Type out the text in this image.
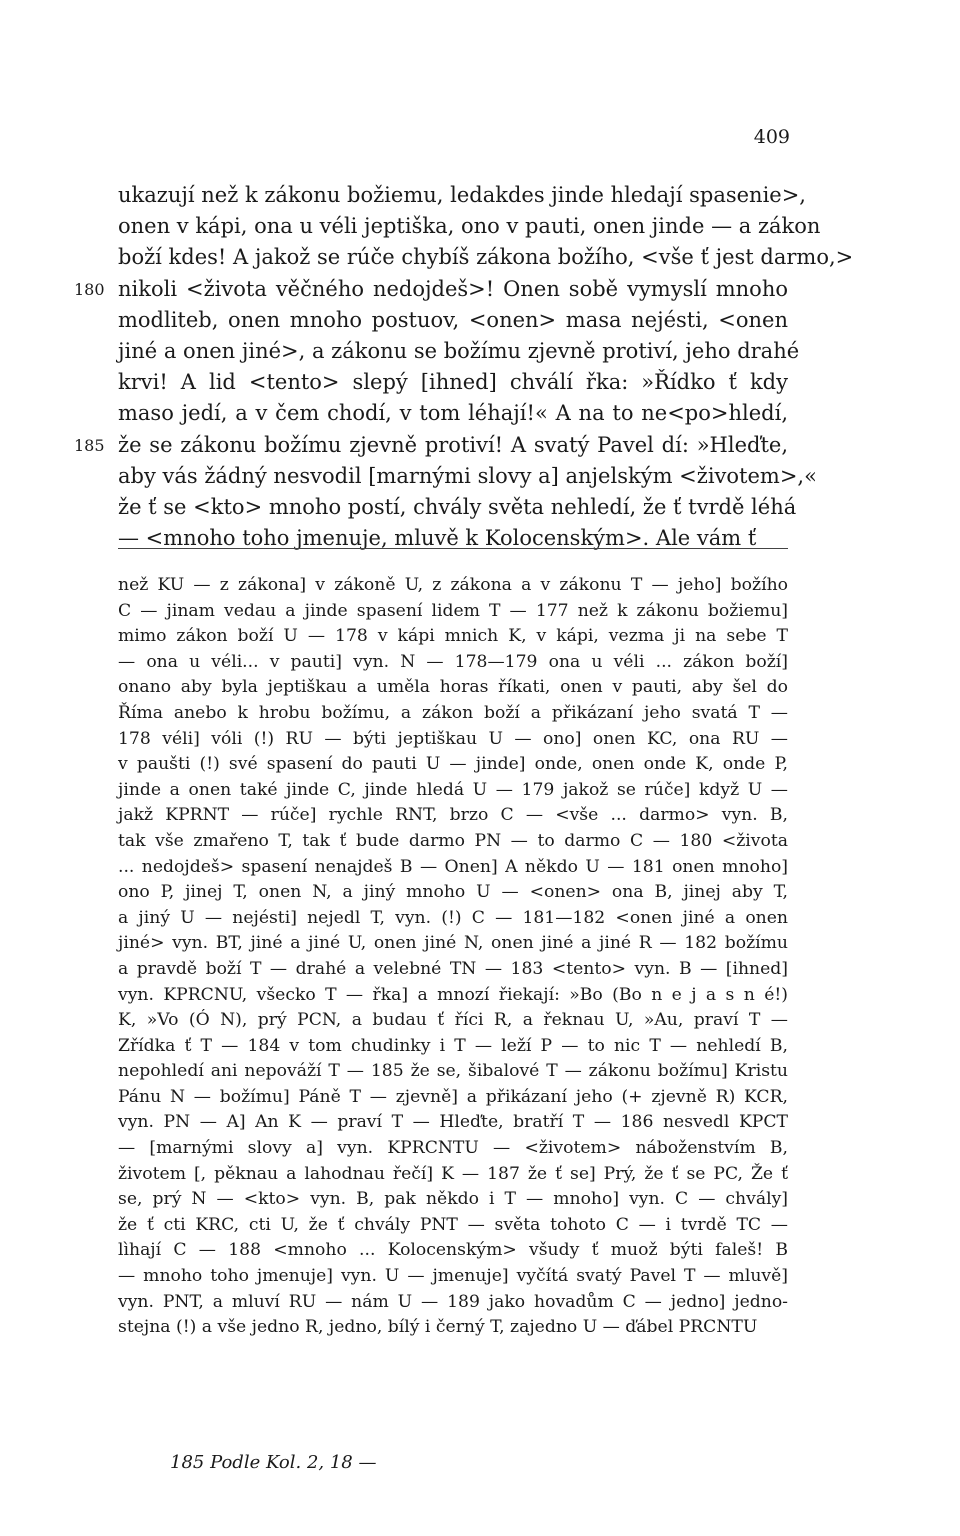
409
ukazují než k zákonu božiemu, ledakdes jinde hledají spasenie>,
onen v kápi, ona u véli jeptiška, ono v pauti, onen jinde — a zákon
boží kdes! A jakož se rúče chybíš zákona božího, <vše ť jest darmo,>
180 nikoli <života věčného nedojdeš>! Onen sobě vymyslí mnoho
modliteb, onen mnoho postuov, <onen> masa nejésti, <onen
jiné a onen jiné>, a zákonu se božímu zjevně protiví, jeho drahé
krvi! A lid <tento> slepý [ihned] chválí řka: »Řídko ť kdy
maso jedí, a v čem chodí, v tom léhají!« A na to ne<po>hledí,
185 že se zákonu božímu zjevně protiví! A svatý Pavel dí: »Hleďte,
aby vás žádný nesvodil [marnými slovy a] anjelským <životem>,«
že ť se <kto> mnoho postí, chvály světa nehledí, že ť tvrdě léhá
— <mnoho toho jmenuje, mluvě k Kolocenským>. Ale vám ť
než KU — z zákona] v zákoně U, z zákona a v zákonu T — jeho] božího
C — jinam vedau a jinde spasení lidem T — 177 než k zákonu božiemu]
mimo zákon boží U — 178 v kápi mnich K, v kápi, vezma ji na sebe T
— ona u véli... v pauti] vyn. N — 178—179 ona u véli ... zákon boží]
onano aby byla jeptiškau a uměla horas říkati, onen v pauti, aby šel do
Říma anebo k hrobu božímu, a zákon boží a přikázaní jeho svatá T —
178 véli] vóli (!) RU — býti jeptiškau U — ono] onen KC, ona RU —
v paušti (!) své spasení do pauti U — jinde] onde, onen onde K, onde P,
jinde a onen také jinde C, jinde hledá U — 179 jakož se rúče] když U —
jakž KPRNT — rúče] rychle RNT, brzo C — <vše ... darmo> vyn. B,
tak vše zmařeno T, tak ť bude darmo PN — to darmo C — 180 <života
... nedojdeš> spasení nenajdeš B — Onen] A někdo U — 181 onen mnoho]
ono P, jinej T, onen N, a jiný mnoho U — <onen> ona B, jinej aby T,
a jiný U — nejésti] nejedl T, vyn. (!) C — 181—182 <onen jiné a onen
jiné> vyn. BT, jiné a jiné U, onen jiné N, onen jiné a jiné R — 182 božímu
a pravdě boží T — drahé a velebné TN — 183 <tento> vyn. B — [ihned]
vyn. KPRCNU, všecko T — řka] a mnozí řiekají: »Bo (Bo n e j a s n é!)
K, »Vo (Ó N), prý PCN, a budau ť říci R, a řeknau U, »Au, praví T —
Zřídka ť T — 184 v tom chudinky i T — leží P — to nic T — nehledí B,
nepohledí ani nepováží T — 185 že se, šibalové T — zákonu božímu] Kristu
Pánu N — božímu] Páně T — zjevně] a přikázaní jeho (+ zjevně R) KCR,
vyn. PN — A] An K — praví T — Hleďte, bratří T — 186 nesvedl KPCT
— [marnými slovy a] vyn. KPRCNTU — <životem> náboženstvím B,
životem [, pěknau a lahodnau řečí] K — 187 že ť se] Prý, že ť se PC, Že ť
se, prý N — <kto> vyn. B, pak někdo i T — mnoho] vyn. C — chvály]
že ť cti KRC, cti U, že ť chvály PNT — světa tohoto C — i tvrdě TC —
lìhají C — 188 <mnoho ... Kolocenským> všudy ť muož býti faleš! B
— mnoho toho jmenuje] vyn. U — jmenuje] vyčítá svatý Pavel T — mluvě]
vyn. PNT, a mluví RU — nám U — 189 jako hovadům C — jedno] jedno-
stejna (!) a vše jedno R, jedno, bílý i černý T, zajedno U — ďábel PRCNTU
185 Podle Kol. 2, 18 —
